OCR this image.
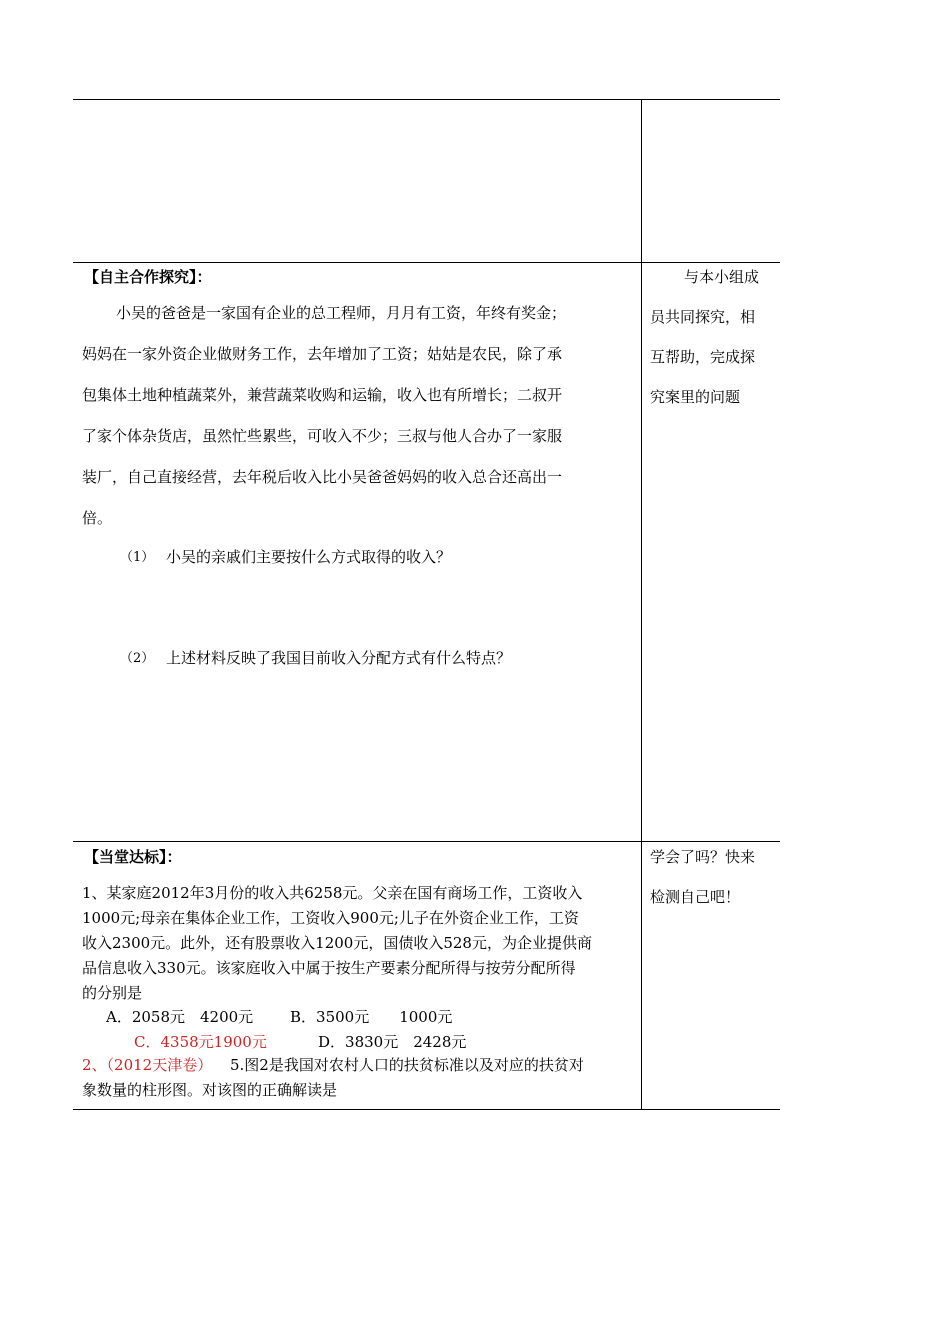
【自主合作探究】：
小吴的爸爸是一家国有企业的总工程师，月月有工资，年终有奖金；
妈妈在一家外资企业做财务工作，去年增加了工资；姑姑是农民，除了承
包集体土地种植蔬菜外，兼营蔬菜收购和运输，收入也有所增长；二叔开
了家个体杂货店，虽然忙些累些，可收入不少；三叔与他人合办了一家服
装厂，自己直接经营，去年税后收入比小吴爸爸妈妈的收入总合还高出一
倍。
（1） 小吴的亲戚们主要按什么方式取得的收入？
（2） 上述材料反映了我国目前收入分配方式有什么特点？
与本小组成
员共同探究，相
互帮助，完成探
究案里的问题
【当堂达标】：
1、某家庭2012年3月份的收入共6258元。父亲在国有商场工作，工资收入
1000元;母亲在集体企业工作，工资收入900元;儿子在外资企业工作，工资
收入2300元。此外，还有股票收入1200元，国债收入528元，为企业提供商
品信息收入330元。该家庭收入中属于按生产要素分配所得与按劳分配所得
的分别是
A．2058元　4200元 B．3500元　　1000元
C．4358元1900元	D．3830元　2428元
2、（2012天津卷） 5.图2是我国对农村人口的扶贫标准以及对应的扶贫对
象数量的柱形图。对该图的正确解读是
学会了吗？快来
检测自己吧！
